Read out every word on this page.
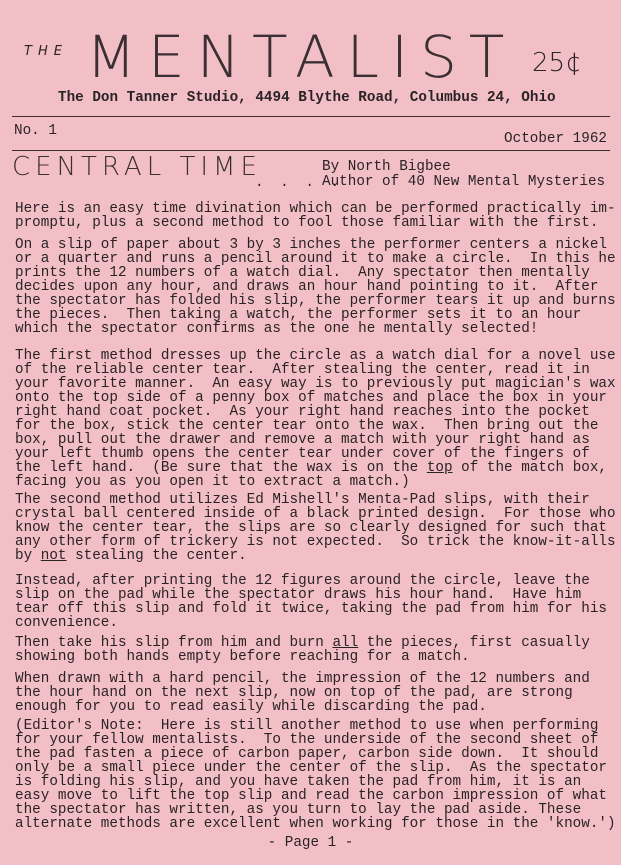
THE MENTALIST 25¢
The Don Tanner Studio, 4494 Blythe Road, Columbus 24, Ohio
No. 1	October 1962
CENTRAL TIME
. . . .
By North Bigbee
Author of 40 New Mental Mysteries
Here is an easy time divination which can be performed practically im-
promptu, plus a second method to fool those familiar with the first.
On a slip of paper about 3 by 3 inches the performer centers a nickel
or a quarter and runs a pencil around it to make a circle.  In this he
prints the 12 numbers of a watch dial.  Any spectator then mentally
decides upon any hour, and draws an hour hand pointing to it.  After
the spectator has folded his slip, the performer tears it up and burns
the pieces.  Then taking a watch, the performer sets it to an hour
which the spectator confirms as the one he mentally selected!
The first method dresses up the circle as a watch dial for a novel use
of the reliable center tear.  After stealing the center, read it in
your favorite manner.  An easy way is to previously put magician's wax
onto the top side of a penny box of matches and place the box in your
right hand coat pocket.  As your right hand reaches into the pocket
for the box, stick the center tear onto the wax.  Then bring out the
box, pull out the drawer and remove a match with your right hand as
your left thumb opens the center tear under cover of the fingers of
the left hand.  (Be sure that the wax is on the top of the match box,
facing you as you open it to extract a match.)
The second method utilizes Ed Mishell's Menta-Pad slips, with their
crystal ball centered inside of a black printed design.  For those who
know the center tear, the slips are so clearly designed for such that
any other form of trickery is not expected.  So trick the know-it-alls
by not stealing the center.
Instead, after printing the 12 figures around the circle, leave the
slip on the pad while the spectator draws his hour hand.  Have him
tear off this slip and fold it twice, taking the pad from him for his
convenience.
Then take his slip from him and burn all the pieces, first casually
showing both hands empty before reaching for a match.
When drawn with a hard pencil, the impression of the 12 numbers and
the hour hand on the next slip, now on top of the pad, are strong
enough for you to read easily while discarding the pad.
(Editor's Note:  Here is still another method to use when performing
for your fellow mentalists.  To the underside of the second sheet of
the pad fasten a piece of carbon paper, carbon side down.  It should
only be a small piece under the center of the slip.  As the spectator
is folding his slip, and you have taken the pad from him, it is an
easy move to lift the top slip and read the carbon impression of what
the spectator has written, as you turn to lay the pad aside. These
alternate methods are excellent when working for those in the 'know.')
- Page 1 -
